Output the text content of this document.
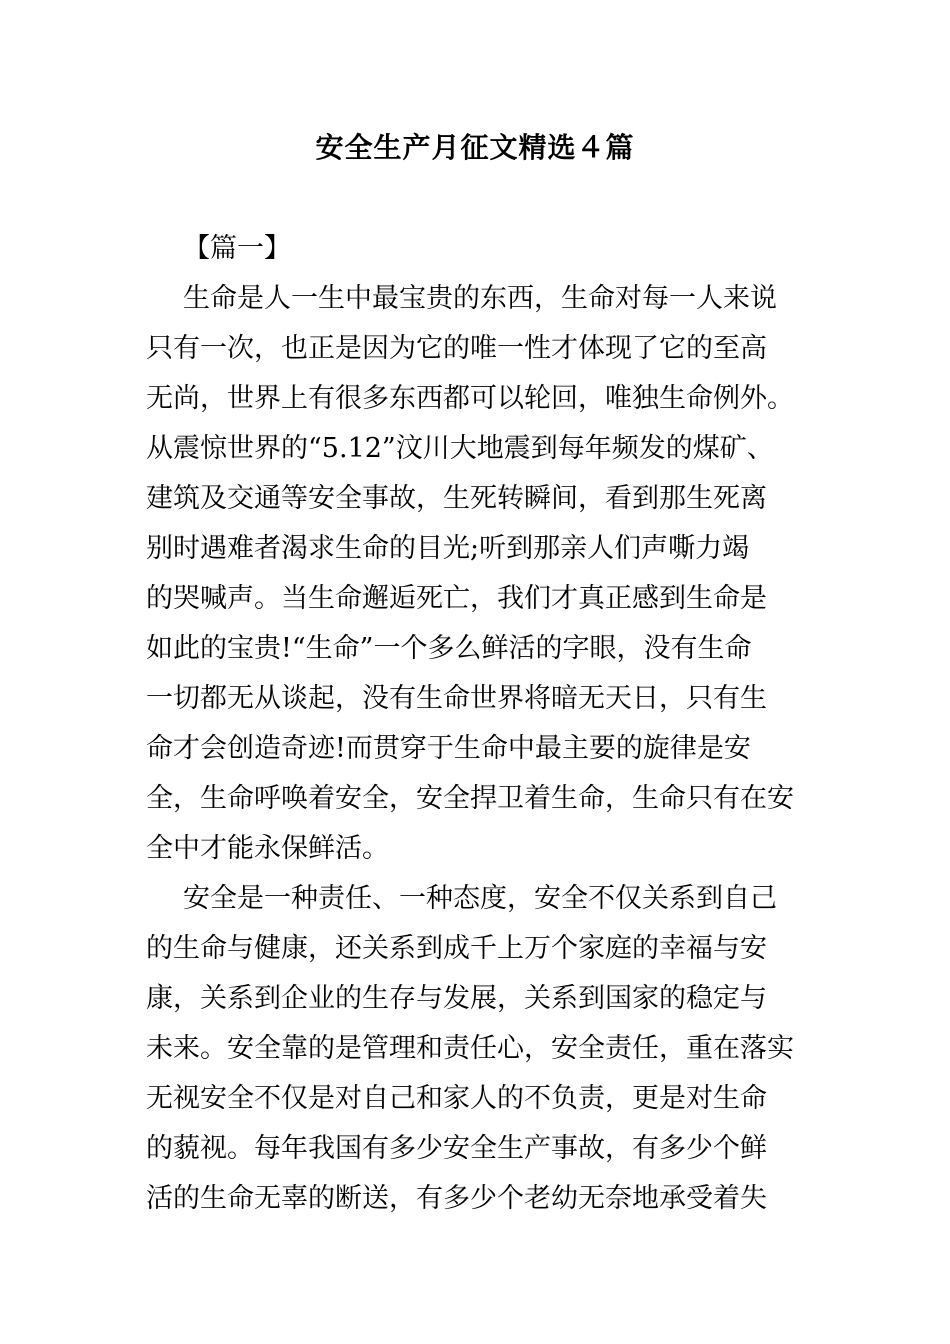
安全生产月征文精选４篇
【篇一】
生命是人一生中最宝贵的东西，生命对每一人来说
只有一次，也正是因为它的唯一性才体现了它的至高
无尚，世界上有很多东西都可以轮回，唯独生命例外。
从震惊世界的“5.12”汶川大地震到每年频发的煤矿、
建筑及交通等安全事故，生死转瞬间，看到那生死离
别时遇难者渴求生命的目光;听到那亲人们声嘶力竭
的哭喊声。当生命邂逅死亡，我们才真正感到生命是
如此的宝贵!“生命”一个多么鲜活的字眼，没有生命
一切都无从谈起，没有生命世界将暗无天日，只有生
命才会创造奇迹!而贯穿于生命中最主要的旋律是安
全，生命呼唤着安全，安全捍卫着生命，生命只有在安
全中才能永保鲜活。
安全是一种责任、一种态度，安全不仅关系到自己
的生命与健康，还关系到成千上万个家庭的幸福与安
康，关系到企业的生存与发展，关系到国家的稳定与
未来。安全靠的是管理和责任心，安全责任，重在落实
无视安全不仅是对自己和家人的不负责，更是对生命
的藐视。每年我国有多少安全生产事故，有多少个鲜
活的生命无辜的断送，有多少个老幼无奈地承受着失
